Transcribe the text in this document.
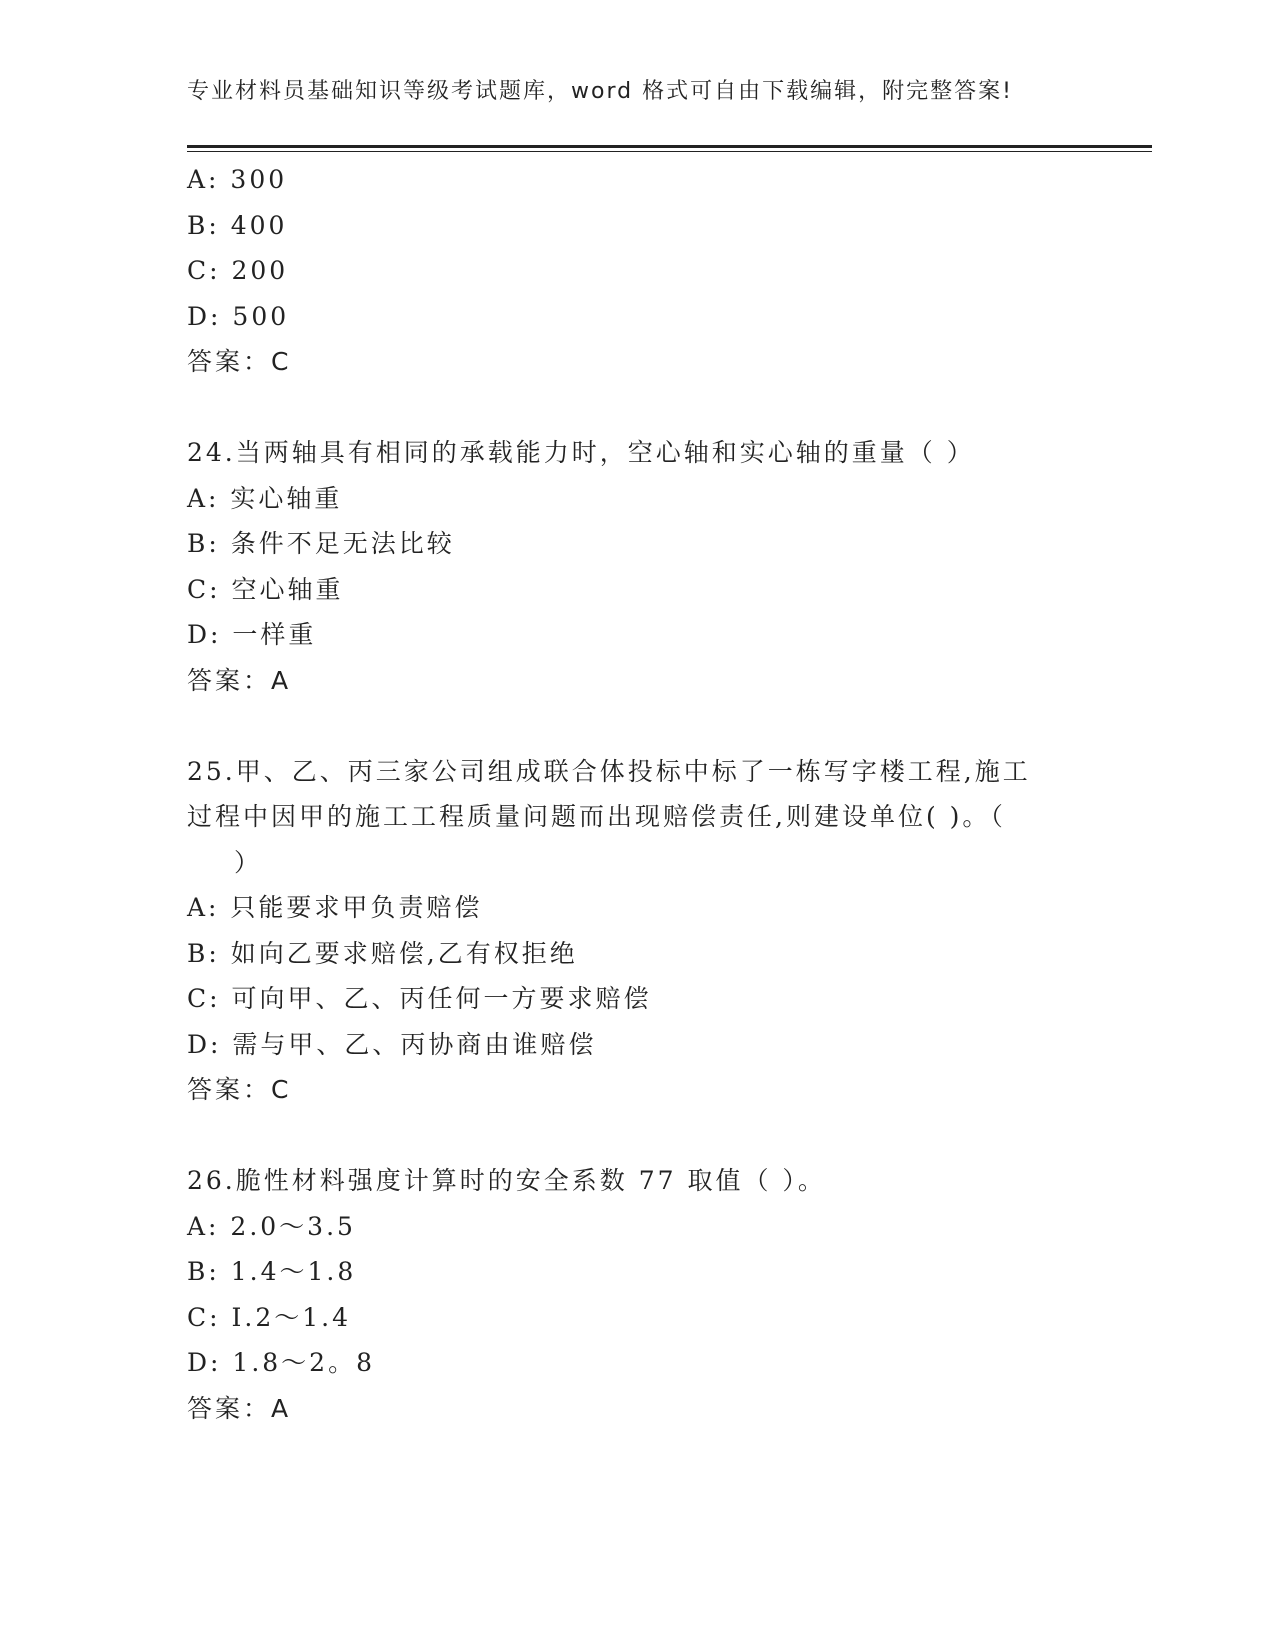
专业材料员基础知识等级考试题库，word 格式可自由下载编辑，附完整答案!
A: 300
B: 400
C: 200
D: 500
答案：C
24.当两轴具有相同的承载能力时，空心轴和实心轴的重量（ ）
A: 实心轴重
B: 条件不足无法比较
C: 空心轴重
D: 一样重
答案：A
25.甲、乙、丙三家公司组成联合体投标中标了一栋写字楼工程,施工
过程中因甲的施工工程质量问题而出现赔偿责任,则建设单位( )。（
）
A: 只能要求甲负责赔偿
B: 如向乙要求赔偿,乙有权拒绝
C: 可向甲、乙、丙任何一方要求赔偿
D: 需与甲、乙、丙协商由谁赔偿
答案：C
26.脆性材料强度计算时的安全系数 77 取值（ ）。
A: 2.0～3.5
B: 1.4～1.8
C: I.2～1.4
D: 1.8～2。8
答案：A
